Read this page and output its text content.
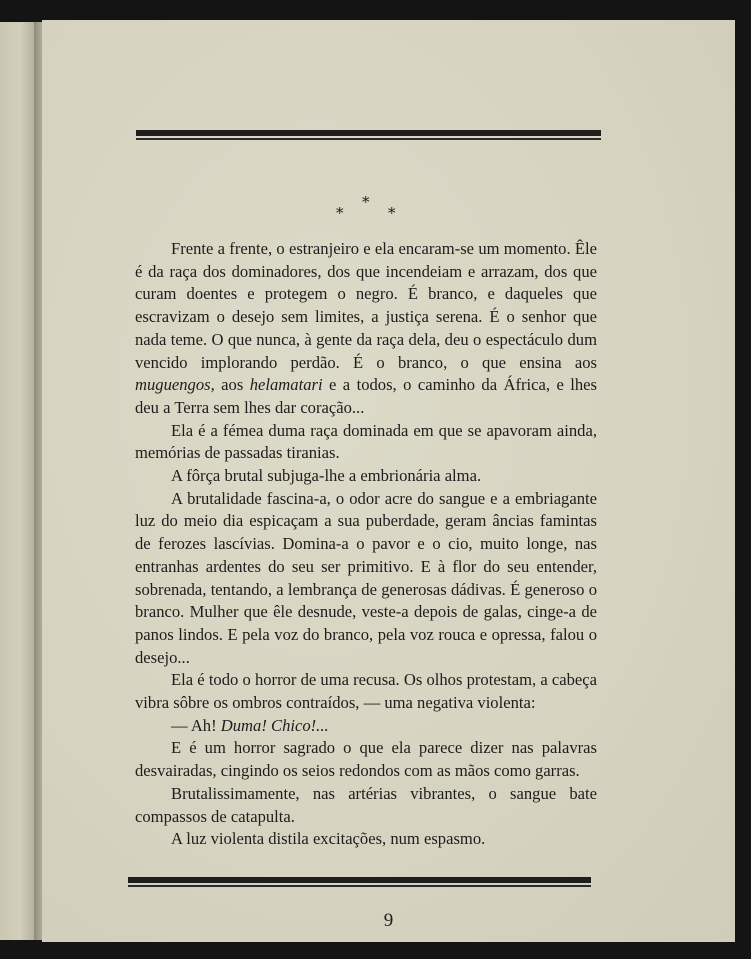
*
*	*

Frente a frente, o estranjeiro e ela encaram-se um momento. Êle é da raça dos dominadores, dos que incendeiam e arrazam, dos que curam doentes e protegem o negro. É branco, e daqueles que escravizam o desejo sem limites, a justiça serena. É o senhor que nada teme. O que nunca, à gente da raça dela, deu o espectáculo dum vencido implorando perdão. É o branco, o que ensina aos muguengos, aos helamatari e a todos, o caminho da África, e lhes deu a Terra sem lhes dar coração...

Ela é a fémea duma raça dominada em que se apavoram ainda, memórias de passadas tiranias.

A fôrça brutal subjuga-lhe a embrionária alma.

A brutalidade fascina-a, o odor acre do sangue e a embriagante luz do meio dia espicaçam a sua puberdade, geram âncias famintas de ferozes lascívias. Domina-a o pavor e o cio, muito longe, nas entranhas ardentes do seu ser primitivo. E à flor do seu entender, sobrenada, tentando, a lembrança de generosas dádivas. É generoso o branco. Mulher que êle desnude, veste-a depois de galas, cinge-a de panos lindos. E pela voz do branco, pela voz rouca e opressa, falou o desejo...

Ela é todo o horror de uma recusa. Os olhos protestam, a cabeça vibra sôbre os ombros contraídos, — uma negativa violenta:

— Ah! Duma! Chico!...

E é um horror sagrado o que ela parece dizer nas palavras desvairadas, cingindo os seios redondos com as mãos como garras.

Brutalissimamente, nas artérias vibrantes, o sangue bate compassos de catapulta.

A luz violenta distila excitações, num espasmo.

9
